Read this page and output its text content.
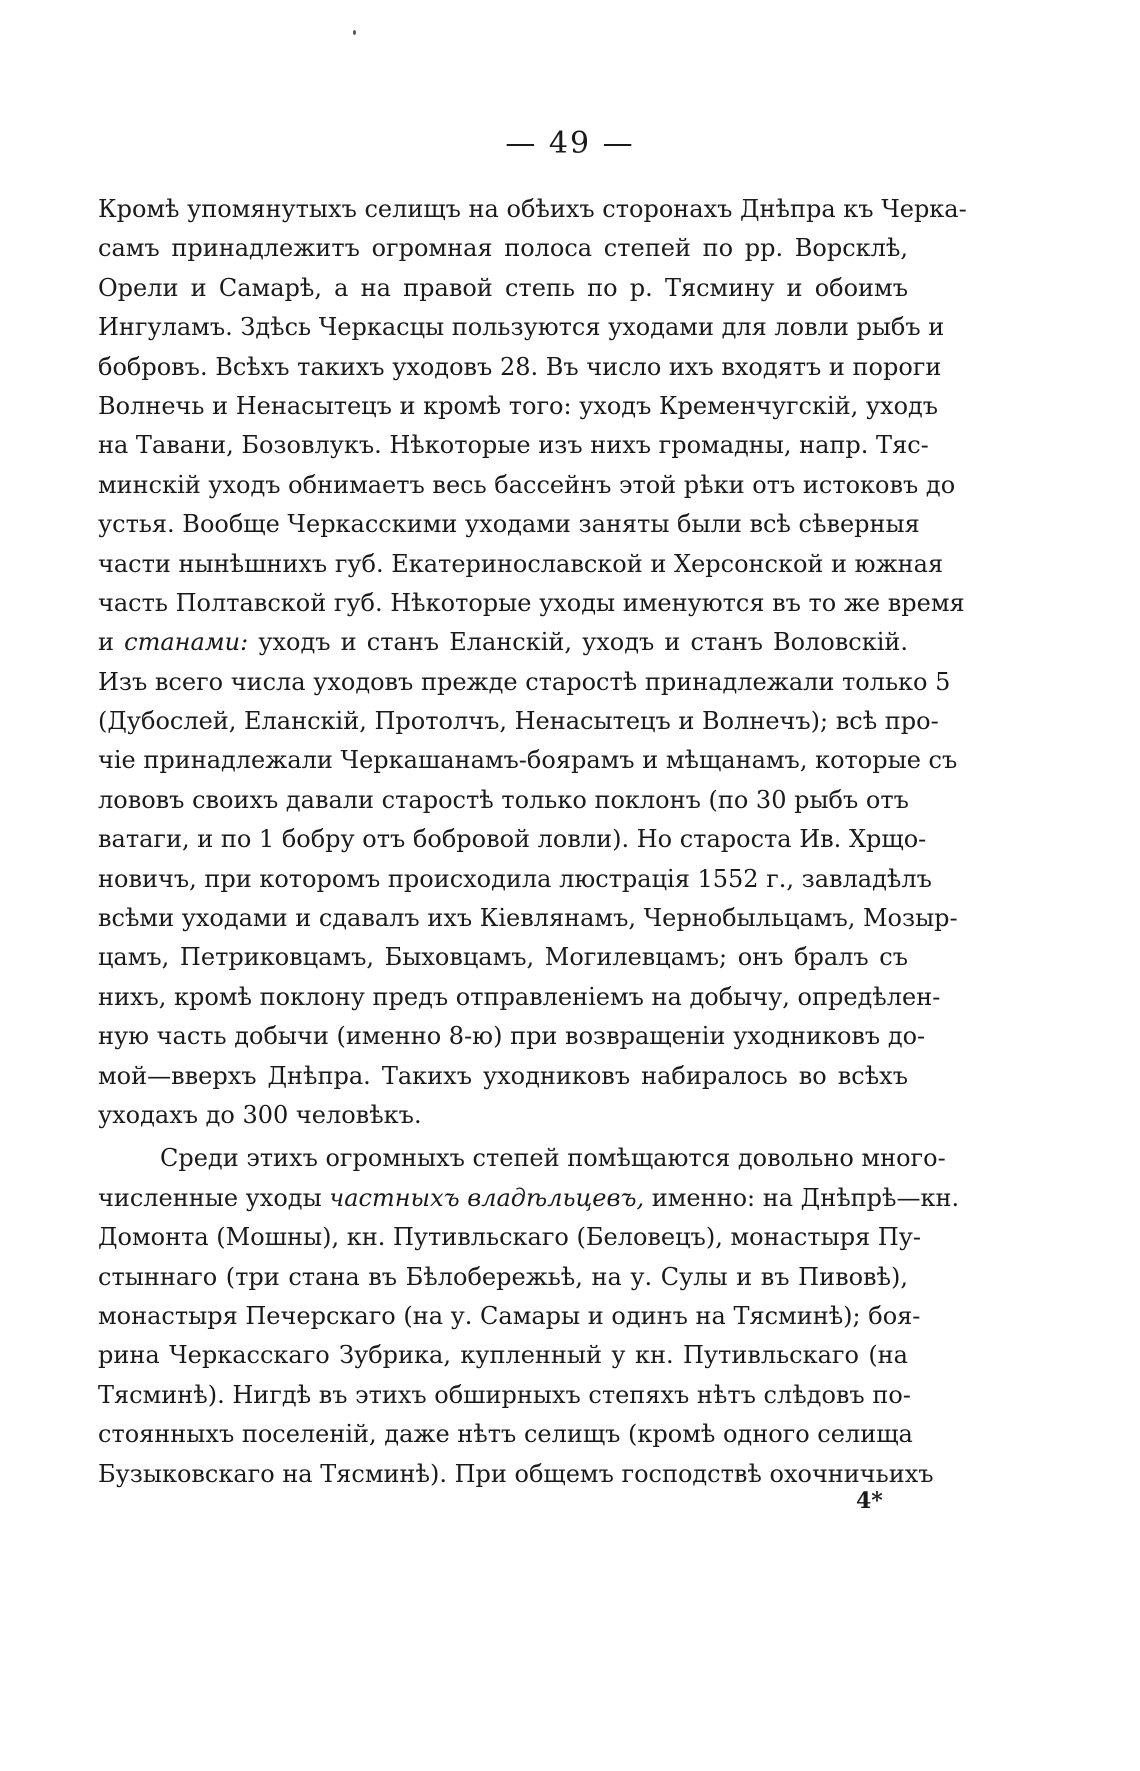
— 49 —
Кромѣ упомянутыхъ селищъ на обѣихъ сторонахъ Днѣпра къ Черка-
самъ принадлежитъ огромная полоса степей по рр. Ворсклѣ,
Орели и Самарѣ, а на правой степь по р. Тясмину и обоимъ
Ингуламъ. Здѣсь Черкасцы пользуются уходами для ловли рыбъ и
бобровъ. Всѣхъ такихъ уходовъ 28. Въ число ихъ входятъ и пороги
Волнечь и Ненасытецъ и кромѣ того: уходъ Кременчугскій, уходъ
на Тавани, Бозовлукъ. Нѣкоторые изъ нихъ громадны, напр. Тяс-
минскій уходъ обнимаетъ весь бассейнъ этой рѣки отъ истоковъ до
устья. Вообще Черкасскими уходами заняты были всѣ сѣверныя
части нынѣшнихъ губ. Екатеринославской и Херсонской и южная
часть Полтавской губ. Нѣкоторые уходы именуются въ то же время
и станами: уходъ и станъ Еланскій, уходъ и станъ Воловскій.
Изъ всего числа уходовъ прежде старостѣ принадлежали только 5
(Дубослей, Еланскій, Протолчъ, Ненасытецъ и Волнечъ); всѣ про-
чіе принадлежали Черкашанамъ-боярамъ и мѣщанамъ, которые съ
лововъ своихъ давали старостѣ только поклонъ (по 30 рыбъ отъ
ватаги, и по 1 бобру отъ бобровой ловли). Но староста Ив. Хрщо-
новичъ, при которомъ происходила люстрація 1552 г., завладѣлъ
всѣми уходами и сдавалъ ихъ Кіевлянамъ, Чернобыльцамъ, Мозыр-
цамъ, Петриковцамъ, Быховцамъ, Могилевцамъ; онъ бралъ съ
нихъ, кромѣ поклону предъ отправленіемъ на добычу, опредѣлен-
ную часть добычи (именно 8-ю) при возвращеніи уходниковъ до-
мой—вверхъ Днѣпра. Такихъ уходниковъ набиралось во всѣхъ
уходахъ до 300 человѣкъ.
Среди этихъ огромныхъ степей помѣщаются довольно много-
численные уходы частныхъ владѣльцевъ, именно: на Днѣпрѣ—кн.
Домонта (Мошны), кн. Путивльскаго (Беловецъ), монастыря Пу-
стыннаго (три стана въ Бѣлобережьѣ, на у. Сулы и въ Пивовѣ),
монастыря Печерскаго (на у. Самары и одинъ на Тясминѣ); боя-
рина Черкасскаго Зубрика, купленный у кн. Путивльскаго (на
Тясминѣ). Нигдѣ въ этихъ обширныхъ степяхъ нѣтъ слѣдовъ по-
стоянныхъ поселеній, даже нѣтъ селищъ (кромѣ одного селища
Бузыковскаго на Тясминѣ). При общемъ господствѣ охочничьихъ
4*
